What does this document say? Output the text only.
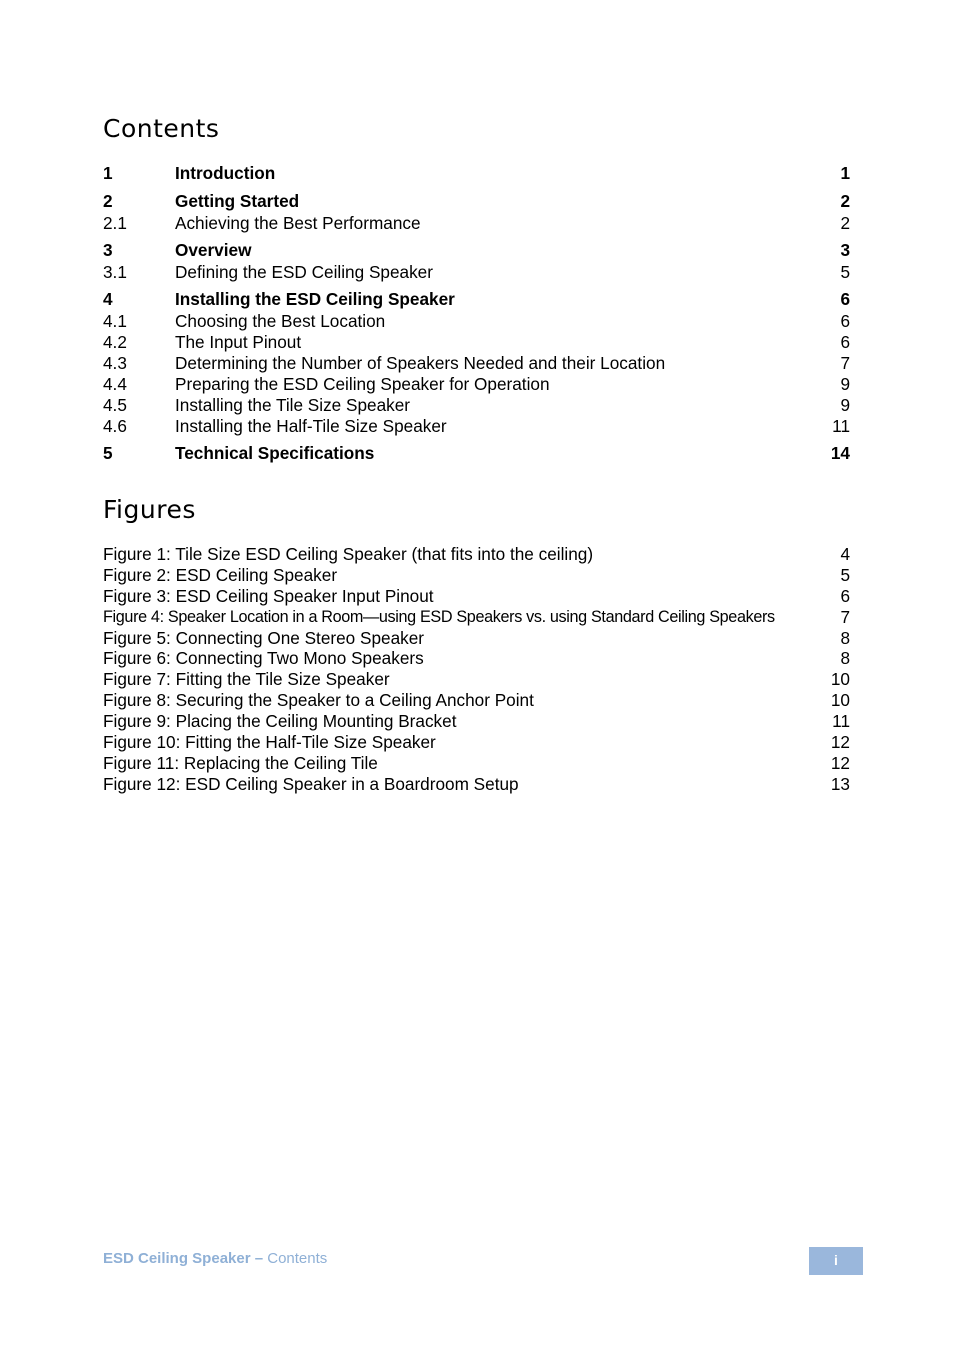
Contents
1	Introduction	1
2	Getting Started	2
2.1	Achieving the Best Performance	2
3	Overview	3
3.1	Defining the ESD Ceiling Speaker	5
4	Installing the ESD Ceiling Speaker	6
4.1	Choosing the Best Location	6
4.2	The Input Pinout	6
4.3	Determining the Number of Speakers Needed and their Location	7
4.4	Preparing the ESD Ceiling Speaker for Operation	9
4.5	Installing the Tile Size Speaker	9
4.6	Installing the Half-Tile Size Speaker	11
5	Technical Specifications	14
Figures
Figure 1: Tile Size ESD Ceiling Speaker (that fits into the ceiling)	4
Figure 2: ESD Ceiling Speaker	5
Figure 3: ESD Ceiling Speaker Input Pinout	6
Figure 4: Speaker Location in a Room—using ESD Speakers vs. using Standard Ceiling Speakers	7
Figure 5: Connecting One Stereo Speaker	8
Figure 6: Connecting Two Mono Speakers	8
Figure 7: Fitting the Tile Size Speaker	10
Figure 8: Securing the Speaker to a Ceiling Anchor Point	10
Figure 9: Placing the Ceiling Mounting Bracket	11
Figure 10: Fitting the Half-Tile Size Speaker	12
Figure 11: Replacing the Ceiling Tile	12
Figure 12: ESD Ceiling Speaker in a Boardroom Setup	13
ESD Ceiling Speaker – Contents	i
